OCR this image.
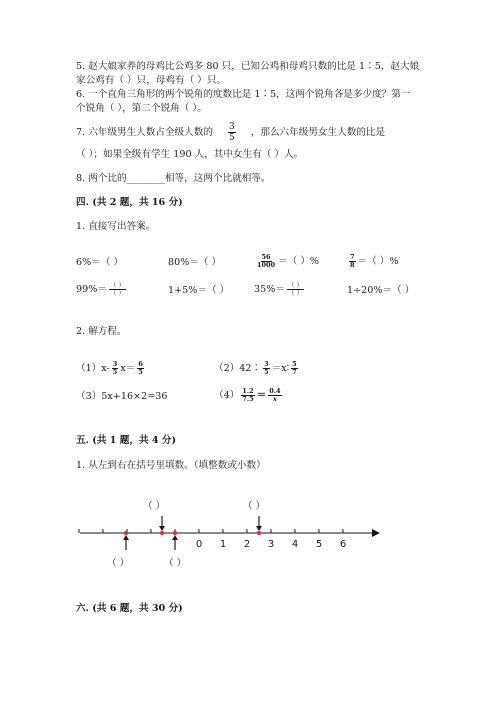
5. 赵大娘家养的母鸡比公鸡多 80 只，已知公鸡和母鸡只数的比是 1∶5，赵大娘
家公鸡有（ ）只，母鸡有（ ）只。
6. 一个直角三角形的两个锐角的度数比是 1∶5，这两个锐角各是多少度？第一
个锐角（ ），第二个锐角（ ）。
7. 六年级男生人数占全级人数的 $\frac{3}{5}$ ，那么六年级男女生人数的比是
（ ）；如果全级有学生 190 人，其中女生有（ ）人。
8. 两个比的________相等，这两个比就相等。
四. (共 2 题，共 16 分)
1. 直接写出答案。
6%＝（ ）	80%＝（ ）	$\frac{56}{1000}$ ＝（ ）%	$\frac{7}{8}$ ＝（ ）%
$99\%= \frac{( )}{( )}$	1+5%＝（ ）	$35\%= \frac{( )}{( )}$	1÷20%＝（ ）
2. 解方程。
$(1)x- \frac{3}{5} x= \frac{6}{5}$	（2）42∶ $\frac{3}{5}$ ＝x∶ $\frac{5}{7}$
（3）5x+16×2=36	$(4) \frac{1.2}{7.5} = \frac{0.4}{x}$
五. (共 1 题，共 4 分)
1. 从左到右在括号里填数。（填整数或小数）
（ ）	（ ）
（ ）	（ ）
0 1 2 3 4 5 6
六. (共 6 题，共 30 分)
